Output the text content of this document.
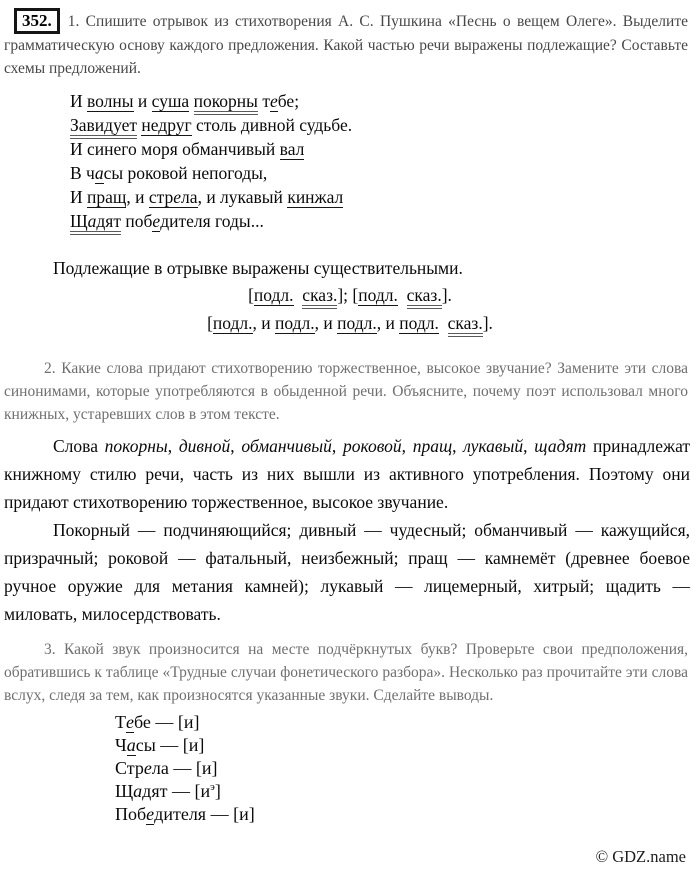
352. 1. Спишите отрывок из стихотворения А. С. Пушкина «Песнь о вещем Олеге». Выделите грамматическую основу каждого предложения. Какой частью речи выражены подлежащие? Составьте схемы предложений.

И волны и суша покорны тебе;
Завидует недруг столь дивной судьбе.
И синего моря обманчивый вал
В часы роковой непогоды,
И пращ, и стрела, и лукавый кинжал
Щадят победителя годы...

Подлежащие в отрывке выражены существительными.

[подл. сказ.]; [подл. сказ.].
[подл., и подл., и подл., и подл. сказ.].

2. Какие слова придают стихотворению торжественное, высокое звучание? Замените эти слова синонимами, которые употребляются в обыденной речи. Объясните, почему поэт использовал много книжных, устаревших слов в этом тексте.

Слова покорны, дивной, обманчивый, роковой, пращ, лукавый, щадят принадлежат книжному стилю речи, часть из них вышли из активного употребления. Поэтому они придают стихотворению торжественное, высокое звучание.

Покорный — подчиняющийся; дивный — чудесный; обманчивый — кажущийся, призрачный; роковой — фатальный, неизбежный; пращ — камнемёт (древнее боевое ручное оружие для метания камней); лукавый — лицемерный, хитрый; щадить — миловать, милосердствовать.

3. Какой звук произносится на месте подчёркнутых букв? Проверьте свои предположения, обратившись к таблице «Трудные случаи фонетического разбора». Несколько раз прочитайте эти слова вслух, следя за тем, как произносятся указанные звуки. Сделайте выводы.

Тебе — [и]
Часы — [и]
Стрела — [и]
Щадят — $[и^э]$
Победителя — [и]
© GDZ.name
